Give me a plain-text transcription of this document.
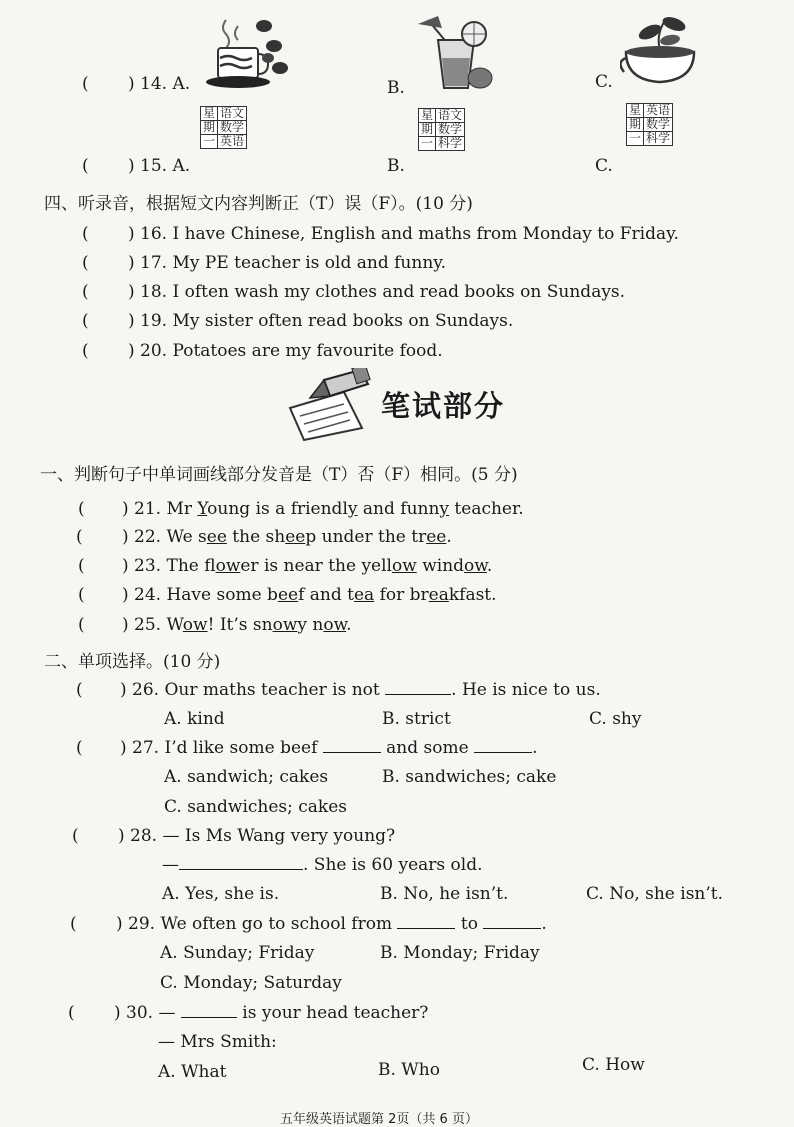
( ) 14. A.	B.	C.
( ) 15. A.
星	语文
期	数学
一	英语
B.
星	语文
期	数学
一	科学
C.
星	英语
期	数学
一	科学
四、听录音，根据短文内容判断正（T）误（F）。(10 分)
( ) 16. I have Chinese, English and maths from Monday to Friday.
( ) 17. My PE teacher is old and funny.
( ) 18. I often wash my clothes and read books on Sundays.
( ) 19. My sister often read books on Sundays.
( ) 20. Potatoes are my favourite food.
笔试部分
一、判断句子中单词画线部分发音是（T）否（F）相同。(5 分)
( ) 21. Mr Young is a friendly and funny teacher.
( ) 22. We see the sheep under the tree.
( ) 23. The flower is near the yellow window.
( ) 24. Have some beef and tea for breakfast.
( ) 25. Wow! It’s snowy now.
二、单项选择。(10 分)
( ) 26. Our maths teacher is not	. He is nice to us.
A. kind	B. strict	C. shy
( ) 27. I’d like some beef	and some	.
A. sandwich; cakes	B. sandwiches; cake
C. sandwiches; cakes
( ) 28. — Is Ms Wang very young?
—	. She is 60 years old.
A. Yes, she is.	B. No, he isn’t.	C. No, she isn’t.
( ) 29. We often go to school from	to	.
A. Sunday; Friday	B. Monday; Friday
C. Monday; Saturday
( ) 30. —	is your head teacher?
— Mrs Smith:
A. What	B. Who	C. How
五年级英语试题第 2页（共 6 页）
